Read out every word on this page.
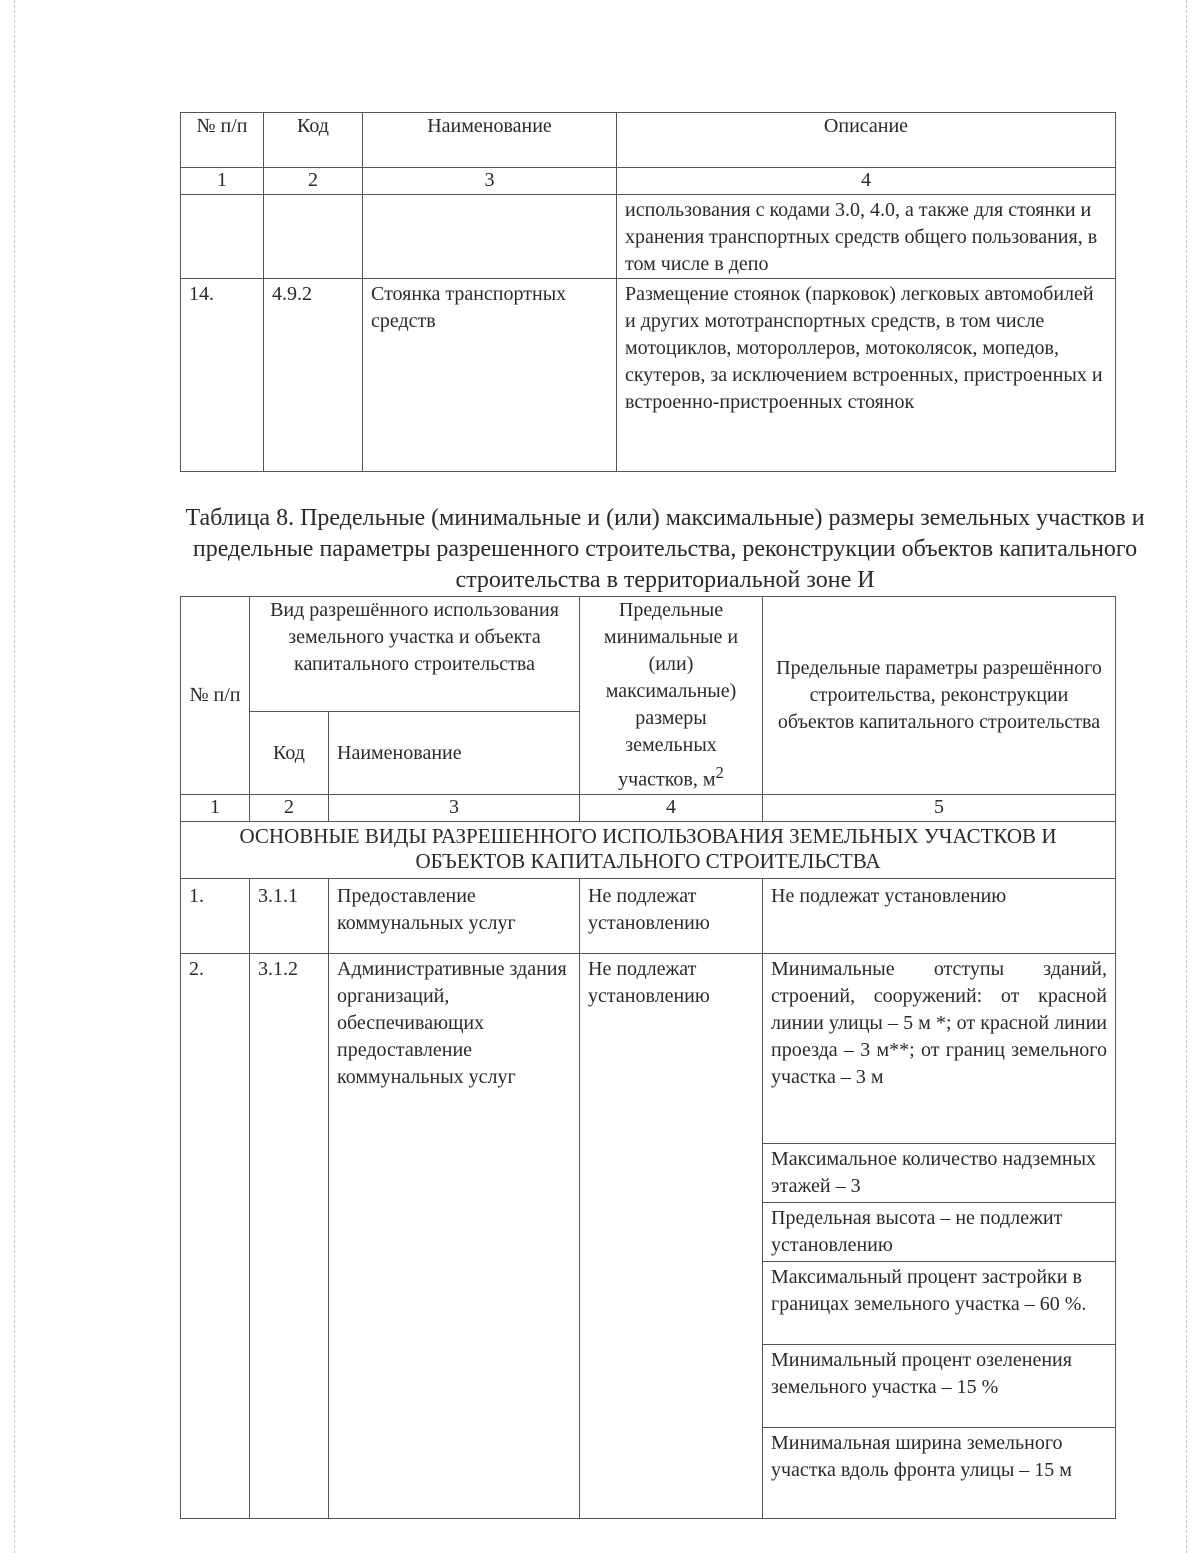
№ п/п	Код	Наименование	Описание
1	2	3	4
			использования с кодами 3.0, 4.0, а также для стоянки и хранения транспортных средств общего пользования, в том числе в депо
14.	4.9.2	Стоянка транспортных средств	Размещение стоянок (парковок) легковых автомобилей и других мототранспортных средств, в том числе мотоциклов, мотороллеров, мотоколясок, мопедов, скутеров, за исключением встроенных, пристроенных и встроенно-пристроенных стоянок

Таблица 8. Предельные (минимальные и (или) максимальные) размеры земельных участков и предельные параметры разрешенного строительства, реконструкции объектов капитального строительства в территориальной зоне И

№ п/п	Вид разрешённого использования земельного участка и объекта капитального строительства		Предельные минимальные и (или) максимальные) размеры земельных участков, $м^2$	Предельные параметры разрешённого строительства, реконструкции объектов капитального строительства
	Код	Наименование		
1	2	3	4	5
ОСНОВНЫЕ ВИДЫ РАЗРЕШЕННОГО ИСПОЛЬЗОВАНИЯ ЗЕМЕЛЬНЫХ УЧАСТКОВ И ОБЪЕКТОВ КАПИТАЛЬНОГО СТРОИТЕЛЬСТВА				
1.	3.1.1	Предоставление коммунальных услуг	Не подлежат установлению	Не подлежат установлению
2.	3.1.2	Административные здания организаций, обеспечивающих предоставление коммунальных услуг	Не подлежат установлению	Минимальные отступы зданий, строений, сооружений: от красной линии улицы – 5 м *; от красной линии проезда – 3 м**; от границ земельного участка – 3 м
				Максимальное количество надземных этажей – 3
				Предельная высота – не подлежит установлению
				Максимальный процент застройки в границах земельного участка – 60 %.
				Минимальный процент озеленения земельного участка – 15 %
				Минимальная ширина земельного участка вдоль фронта улицы – 15 м
